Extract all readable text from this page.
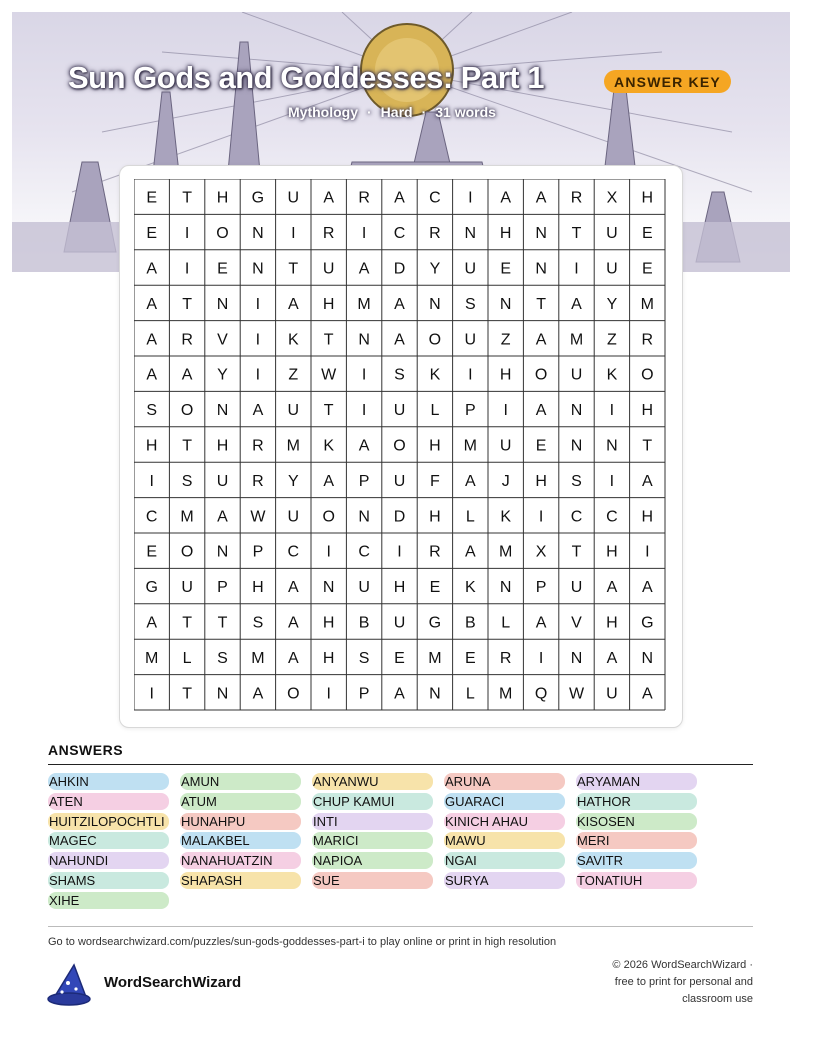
Sun Gods and Goddesses: Part 1	ANSWER KEY
Mythology · Hard · 31 words
E T H G U A R A C I A A R X H
E I O N I R I C R N H N T U E
A I E N T U A D Y U E N I U E
A T N I A H M A N S N T A Y M
A R V I K T N A O U Z A M Z R
A A Y I Z W I S K I H O U K O
S O N A U T I U L P I A N I H
H T H R M K A O H M U E N N T
I S U R Y A P U F A J H S I A
C M A W U O N D H L K I C C H
E O N P C I C I R A M X T H I
G U P H A N U H E K N P U A A
A T T S A H B U G B L A V H G
M L S M A H S E M E R I N A N
I T N A O I P A N L M Q W U A
ANSWERS
AHKIN	AMUN	ANYANWU	ARUNA	ARYAMAN
ATEN	ATUM	CHUP KAMUI	GUARACI	HATHOR
HUITZILOPOCHTLI	HUNAHPU	INTI	KINICH AHAU	KISOSEN
MAGEC	MALAKBEL	MARICI	MAWU	MERI
NAHUNDI	NANAHUATZIN	NAPIOA	NGAI	SAVITR
SHAMS	SHAPASH	SUE	SURYA	TONATIUH
XIHE
Go to wordsearchwizard.com/puzzles/sun-gods-goddesses-part-i to play online or print in high resolution
WordSearchWizard
© 2026 WordSearchWizard ·
free to print for personal and
classroom use
